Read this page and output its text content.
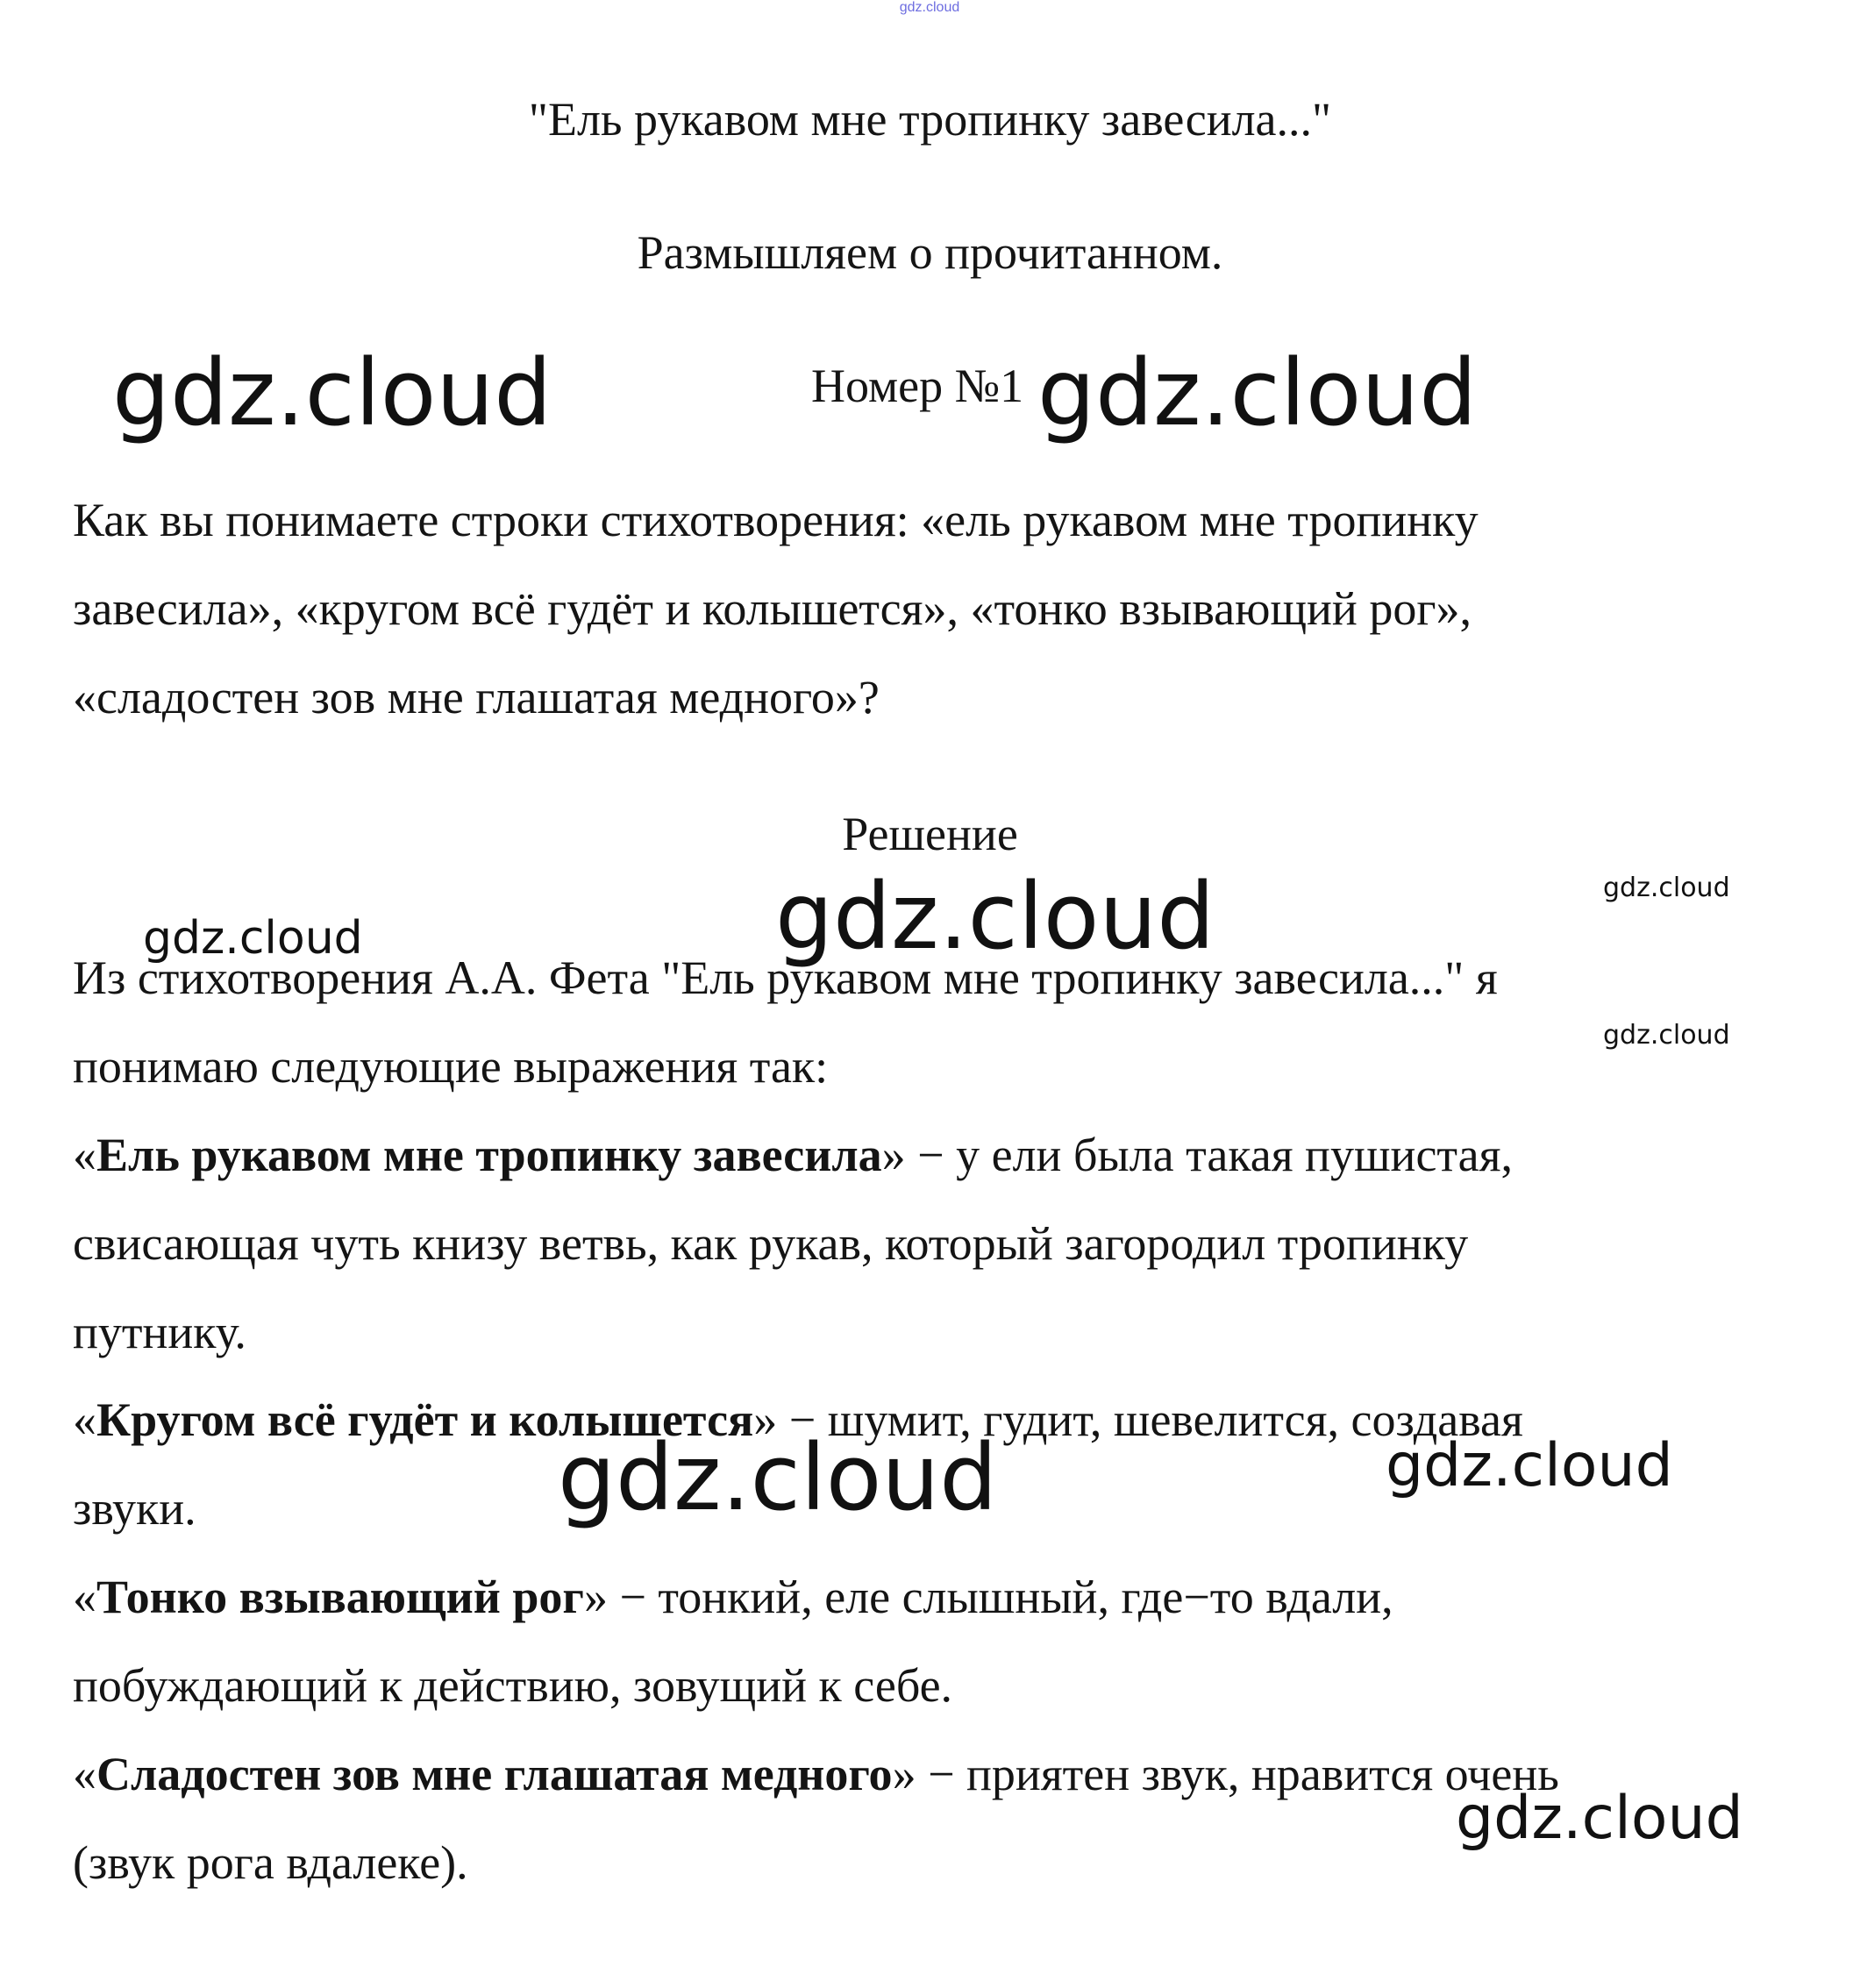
gdz.cloud
"Ель рукавом мне тропинку завесила..."
Размышляем о прочитанном.
Номер №1
Как вы понимаете строки стихотворения: «ель рукавом мне тропинку
завесила», «кругом всё гудёт и колышется», «тонко взывающий рог»,
«сладостен зов мне глашатая медного»?
Решение
Из стихотворения А.А. Фета "Ель рукавом мне тропинку завесила..." я
понимаю следующие выражения так:
«Ель рукавом мне тропинку завесила» − у ели была такая пушистая,
свисающая чуть книзу ветвь, как рукав, который загородил тропинку
путнику.
«Кругом всё гудёт и колышется» − шумит, гудит, шевелится, создавая
звуки.
«Тонко взывающий рог» − тонкий, еле слышный, где−то вдали,
побуждающий к действию, зовущий к себе.
«Сладостен зов мне глашатая медного» − приятен звук, нравится очень
(звук рога вдалеке).
gdz.cloud	gdz.cloud
gdz.cloud
gdz.cloud
gdz.cloud
gdz.cloud
gdz.cloud	gdz.cloud
gdz.cloud
